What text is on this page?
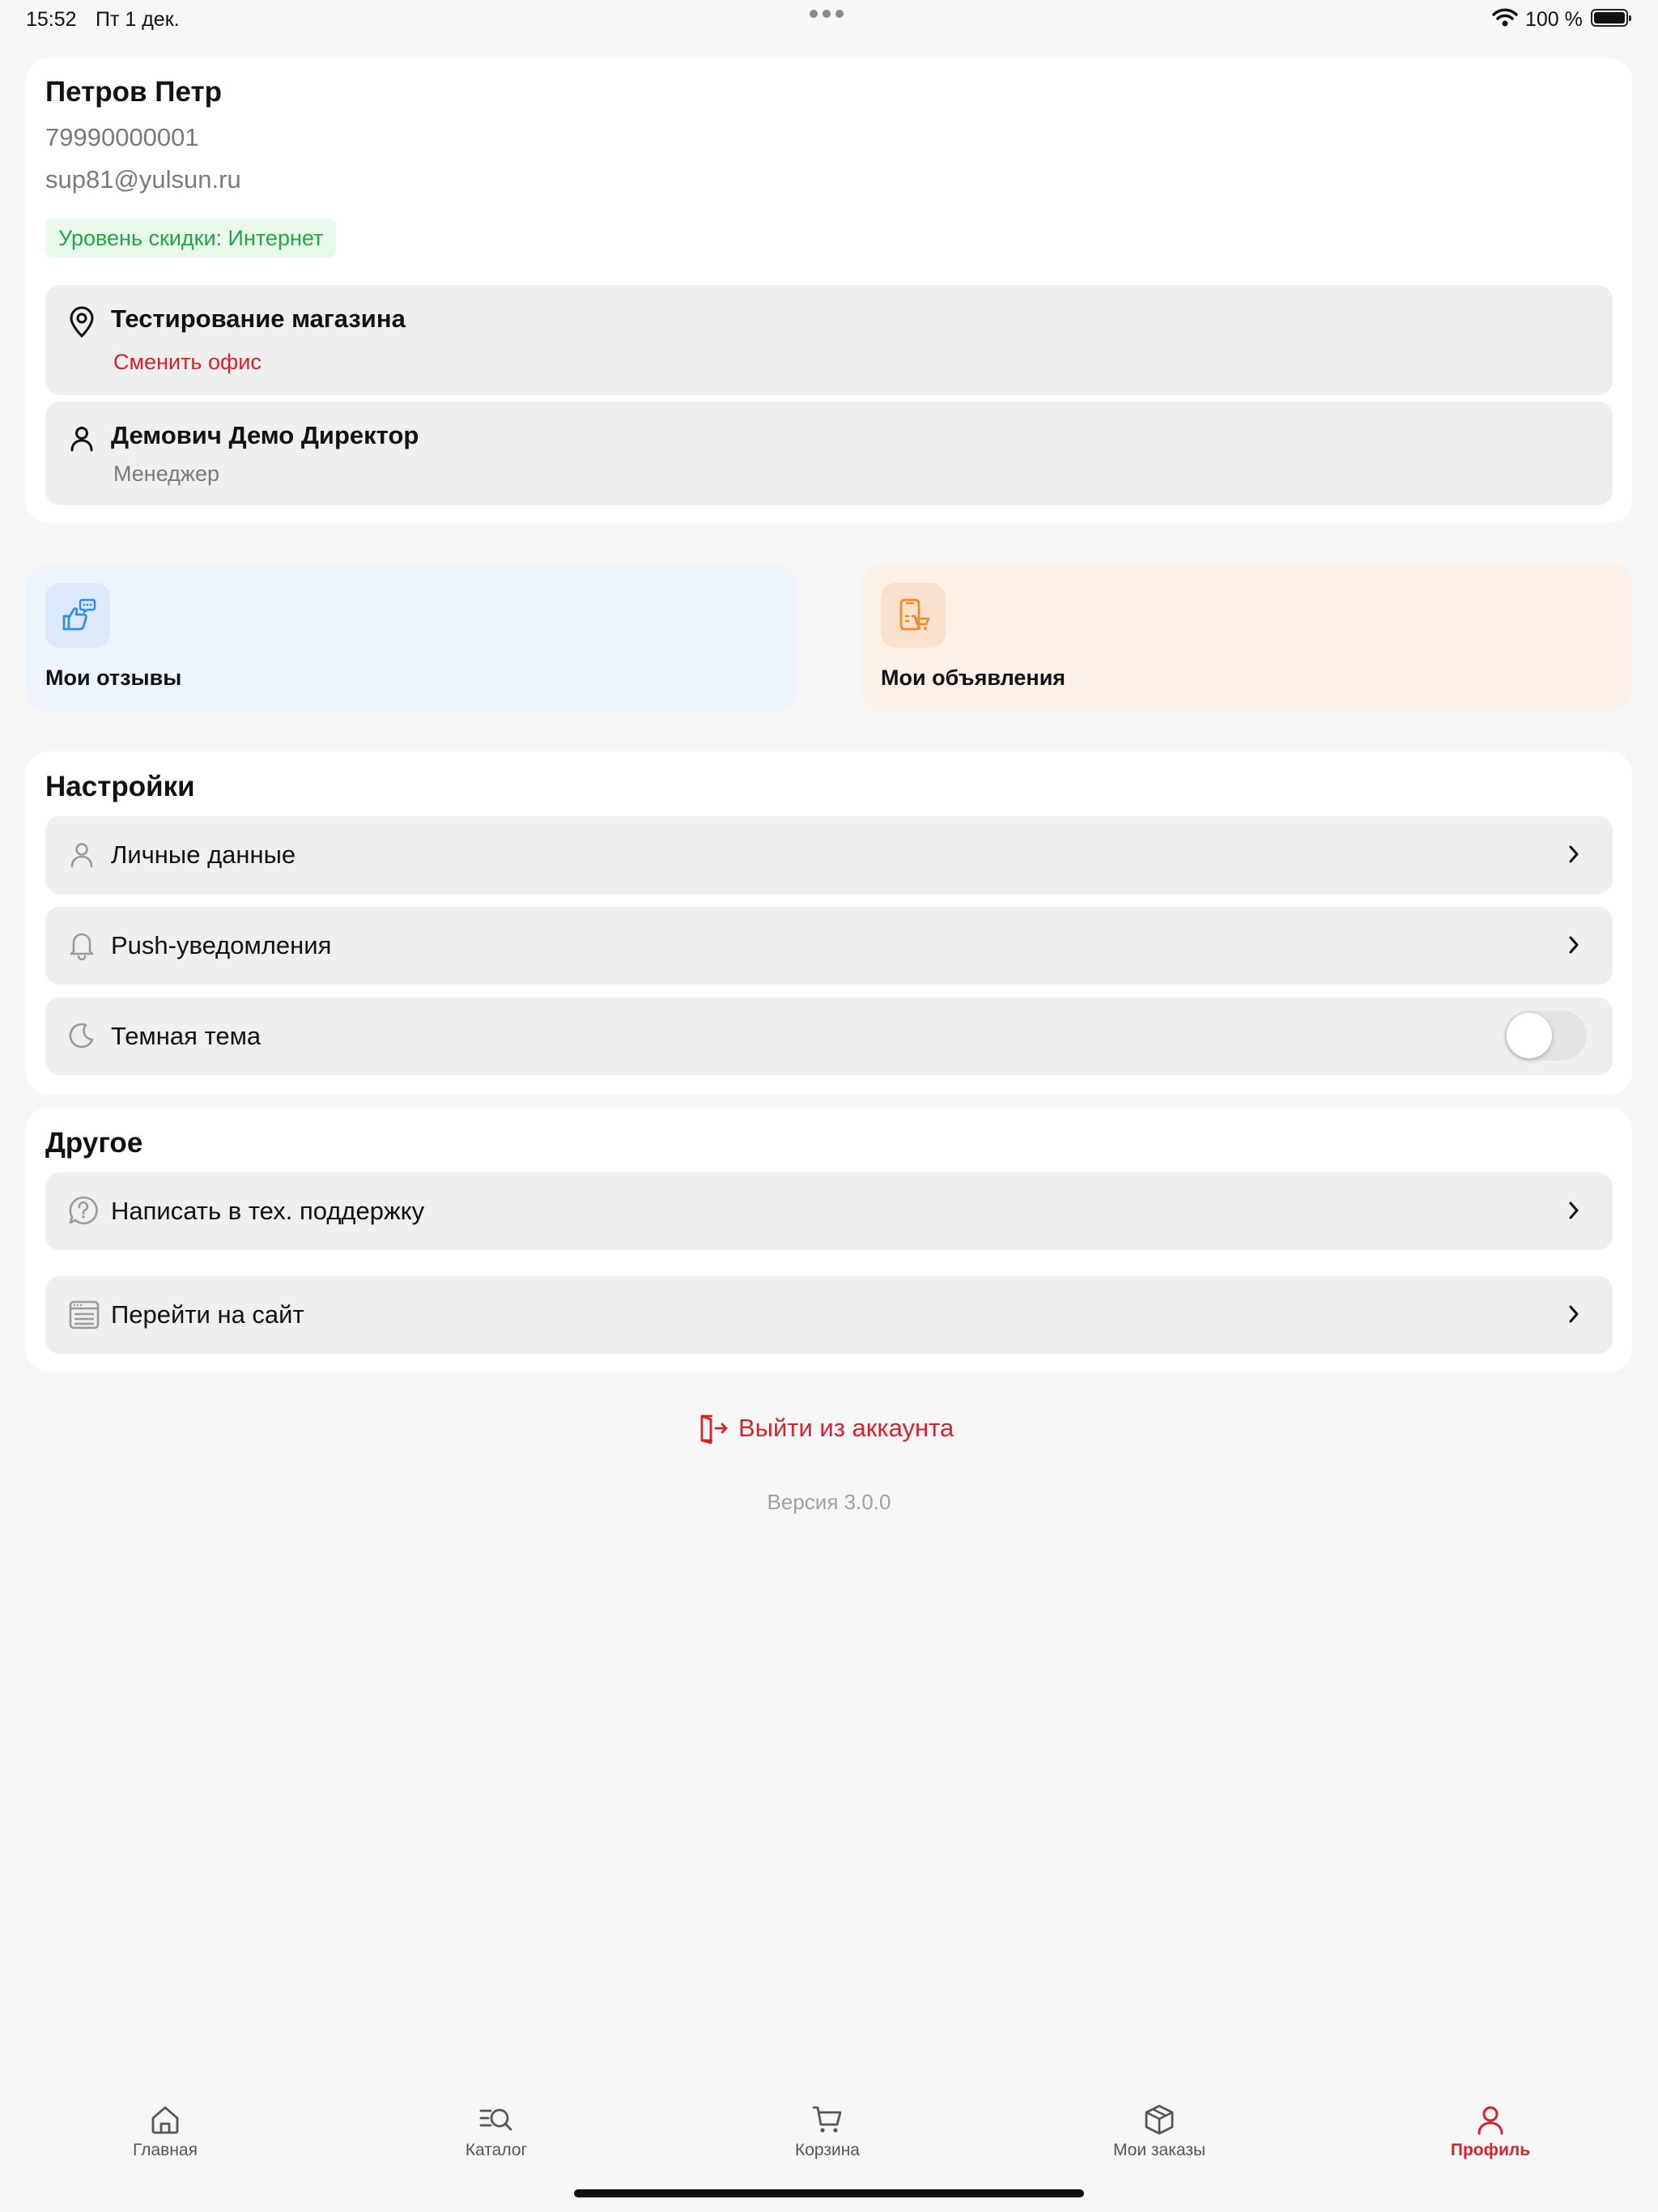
15:52 Пт 1 дек.	100 %
Петров Петр
79990000001
sup81@yulsun.ru
Уровень скидки: Интернет
Тестирование магазина
Сменить офис
Демович Демо Директор
Менеджер
Мои отзывы	Мои объявления
Настройки
Личные данные
Push-уведомления
Темная тема
Другое
Написать в тех. поддержку
Перейти на сайт
Выйти из аккаунта
Версия 3.0.0
Главная	Каталог	Корзина	Мои заказы	Профиль
